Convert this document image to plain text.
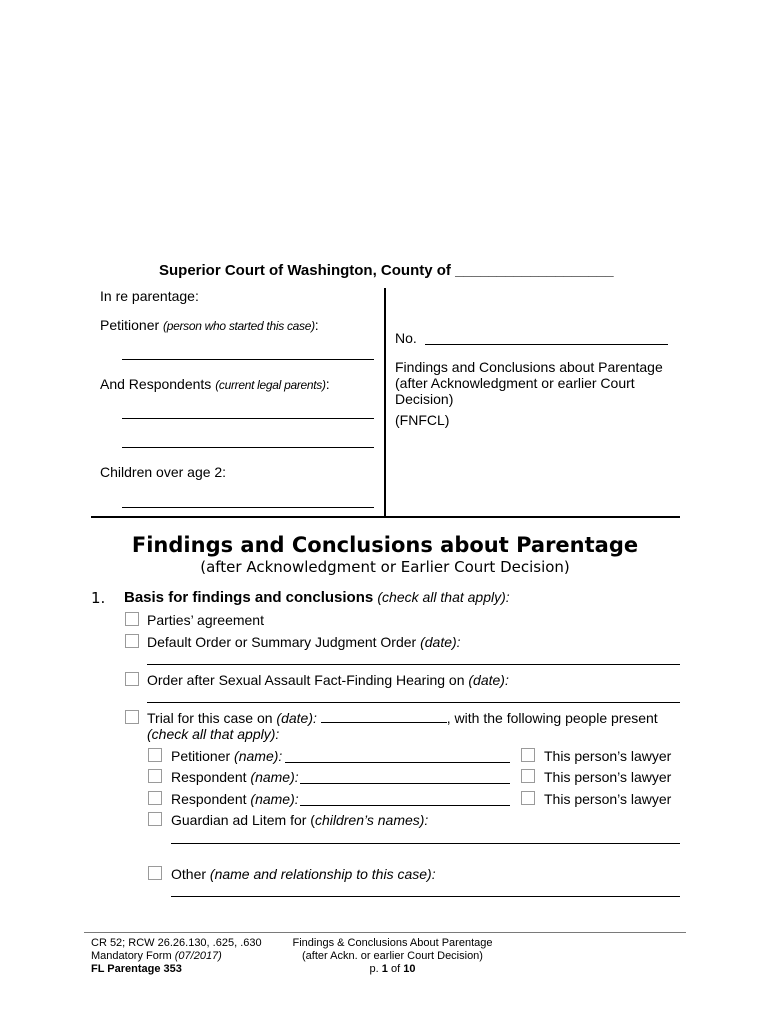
Superior Court of Washington, County of ___________________
In re parentage:
Petitioner (person who started this case):
And Respondents (current legal parents):
Children over age 2:
No.
Findings and Conclusions about Parentage
(after Acknowledgment or earlier Court
Decision)
(FNFCL)
Findings and Conclusions about Parentage
(after Acknowledgment or Earlier Court Decision)
1. Basis for findings and conclusions (check all that apply):
Parties’ agreement
Default Order or Summary Judgment Order (date):
Order after Sexual Assault Fact-Finding Hearing on (date):
Trial for this case on (date):	, with the following people present
(check all that apply):
Petitioner (name):	This person’s lawyer
Respondent (name):	This person’s lawyer
Respondent (name):	This person’s lawyer
Guardian ad Litem for (children’s names):
Other (name and relationship to this case):
CR 52; RCW 26.26.130, .625, .630
Mandatory Form (07/2017)
FL Parentage 353
Findings & Conclusions About Parentage
(after Ackn. or earlier Court Decision)
p. 1 of 10
